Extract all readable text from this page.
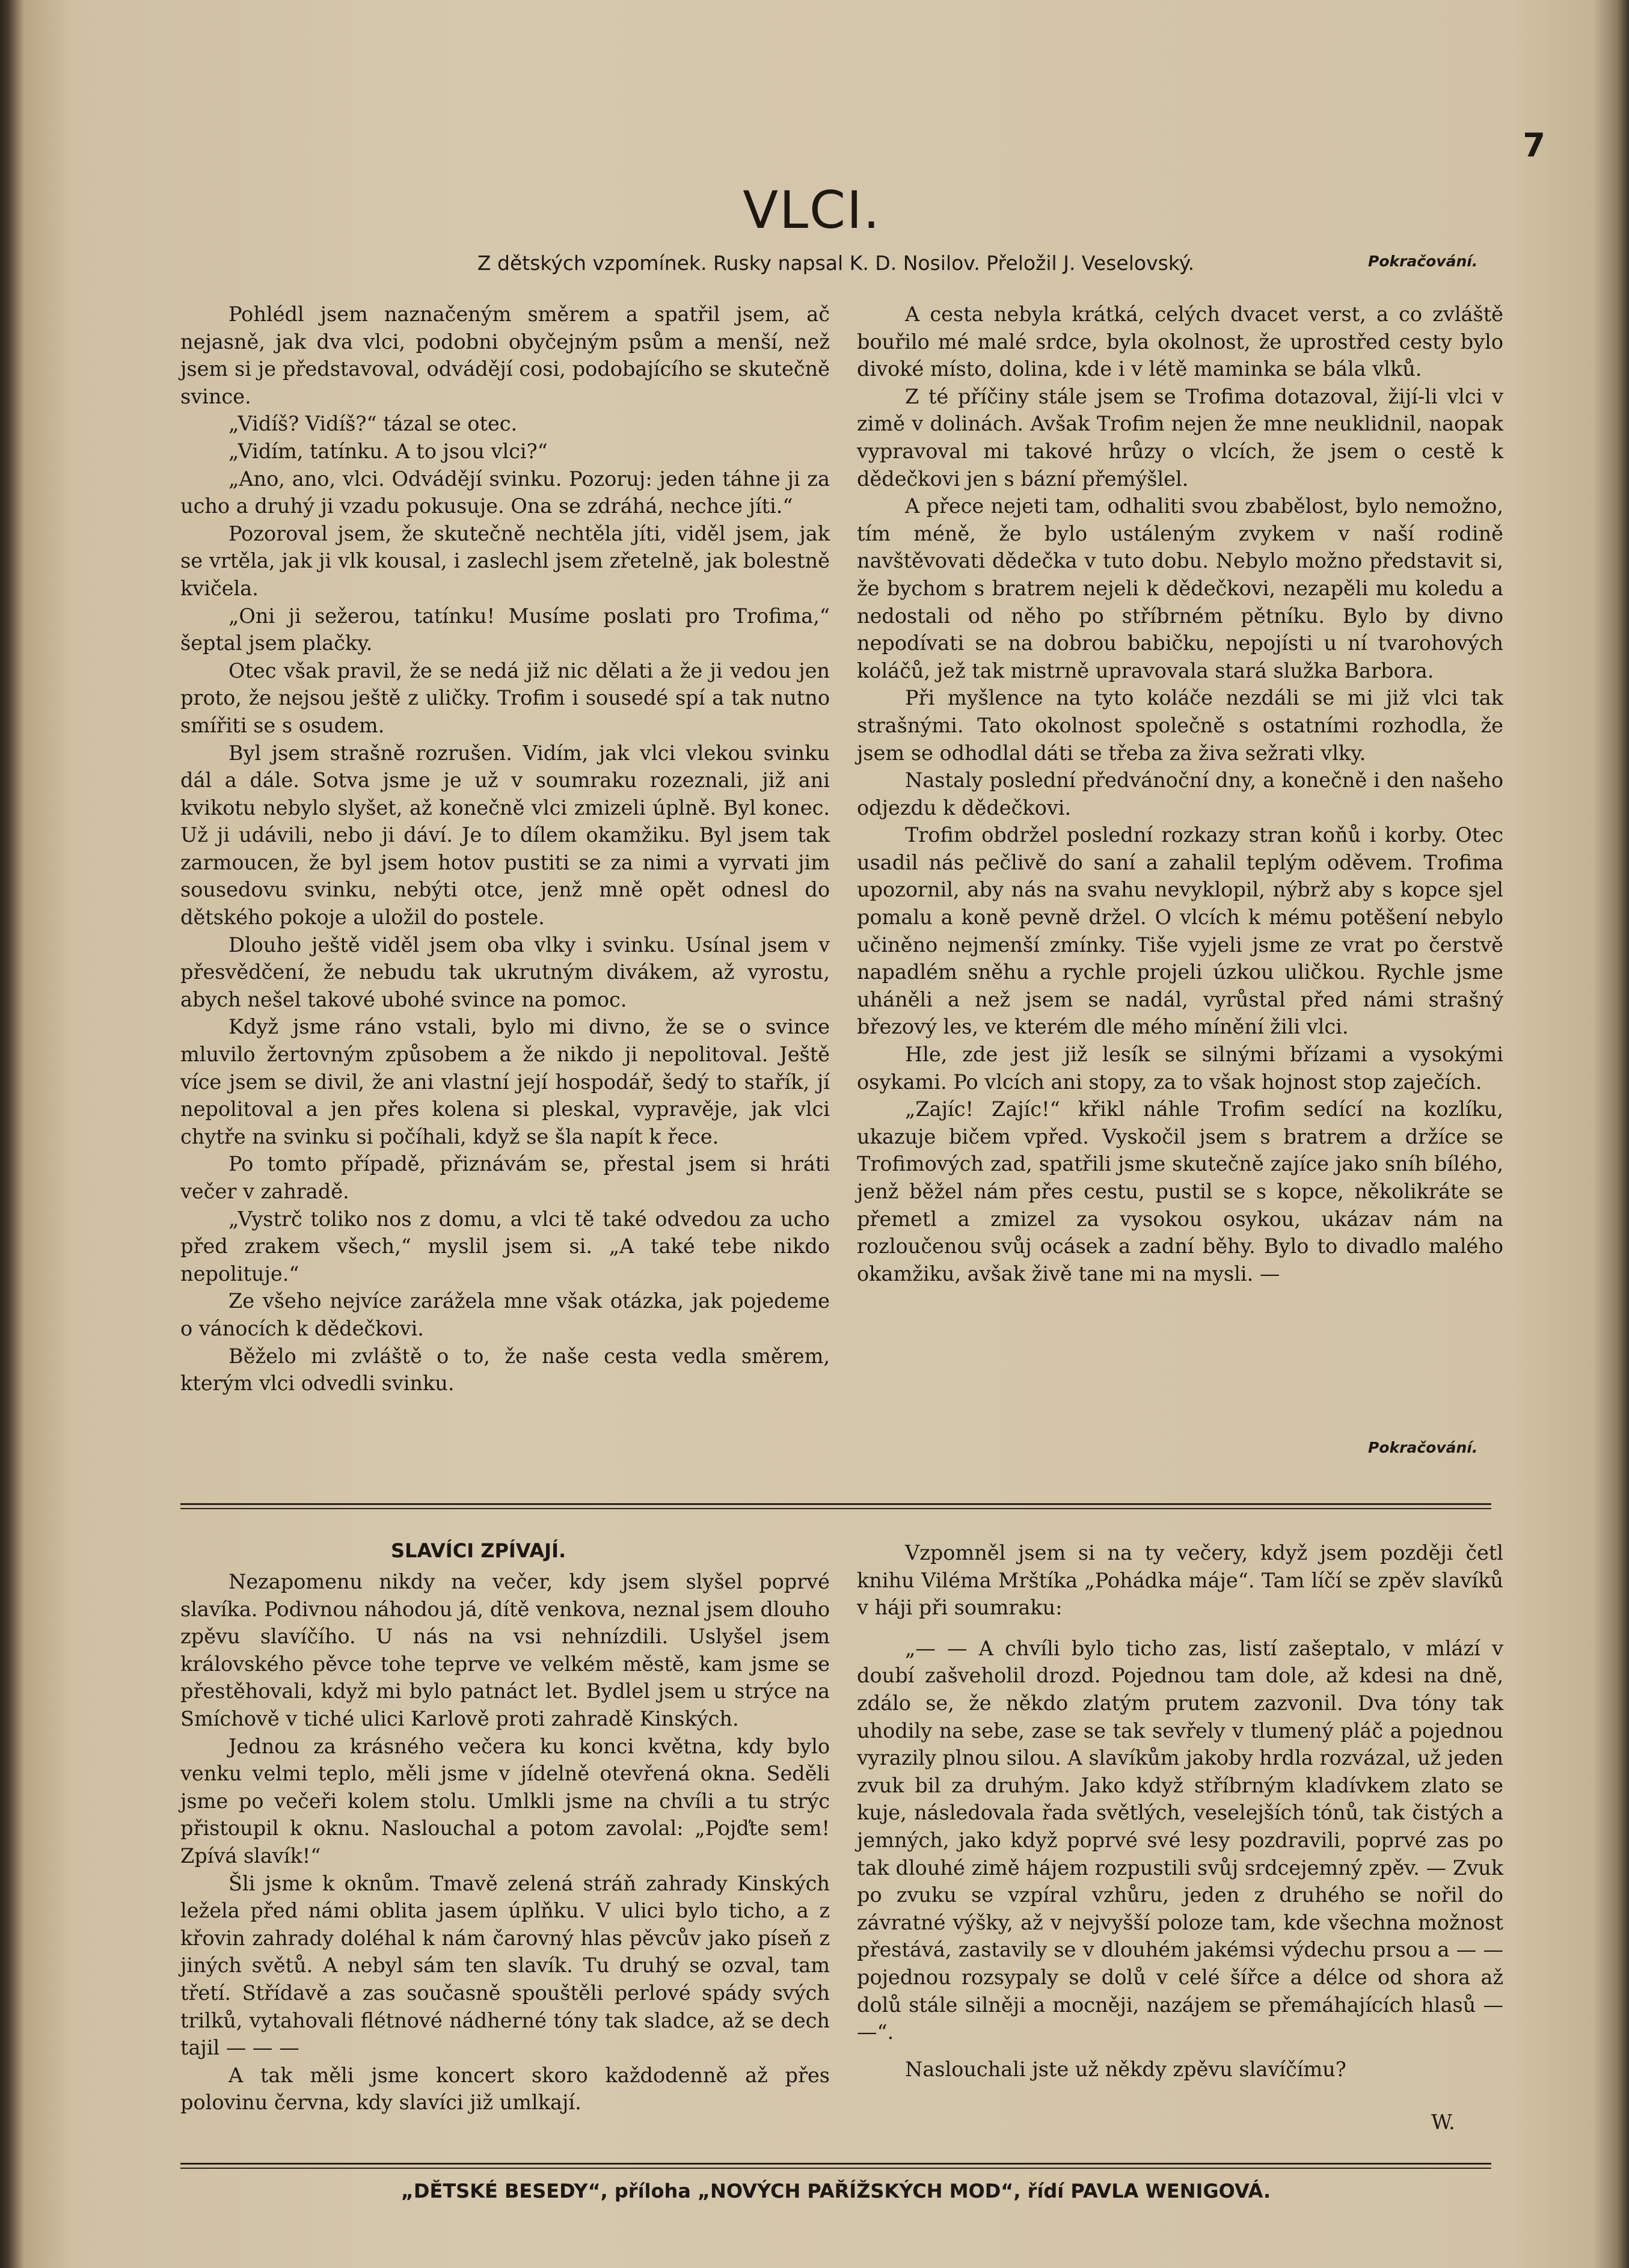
7
VLCI.
Z dětských vzpomínek. Rusky napsal K. D. Nosilov. Přeložil J. Veselovský.	Pokračování.

Pohlédl jsem naznačeným směrem a spatřil jsem, ač nejasně, jak dva vlci, podobni obyčejným psům a menší, než jsem si je představoval, odvádějí cosi, podobajícího se skutečně svince.

„Vidíš? Vidíš?“ tázal se otec.

„Vidím, tatínku. A to jsou vlci?“

„Ano, ano, vlci. Odvádějí svinku. Pozoruj: jeden táhne ji za ucho a druhý ji vzadu pokusuje. Ona se zdráhá, nechce jíti.“

Pozoroval jsem, že skutečně nechtěla jíti, viděl jsem, jak se vrtěla, jak ji vlk kousal, i zaslechl jsem zřetelně, jak bolestně kvičela.

„Oni ji sežerou, tatínku! Musíme poslati pro Trofima,“ šeptal jsem plačky.

Otec však pravil, že se nedá již nic dělati a že ji vedou jen proto, že nejsou ještě z uličky. Trofim i sousedé spí a tak nutno smířiti se s osudem.

Byl jsem strašně rozrušen. Vidím, jak vlci vlekou svinku dál a dále. Sotva jsme je už v soumraku rozeznali, již ani kvikotu nebylo slyšet, až konečně vlci zmizeli úplně. Byl konec. Už ji udávili, nebo ji dáví. Je to dílem okamžiku. Byl jsem tak zarmoucen, že byl jsem hotov pustiti se za nimi a vyrvati jim sousedovu svinku, nebýti otce, jenž mně opět odnesl do dětského pokoje a uložil do postele.

Dlouho ještě viděl jsem oba vlky i svinku. Usínal jsem v přesvědčení, že nebudu tak ukrutným divákem, až vyrostu, abych nešel takové ubohé svince na pomoc.

Když jsme ráno vstali, bylo mi divno, že se o svince mluvilo žertovným způsobem a že nikdo ji nepolitoval. Ještě více jsem se divil, že ani vlastní její hospodář, šedý to stařík, jí nepolitoval a jen přes kolena si pleskal, vypravěje, jak vlci chytře na svinku si počíhali, když se šla napít k řece.

Po tomto případě, přiznávám se, přestal jsem si hráti večer v zahradě.

„Vystrč toliko nos z domu, a vlci tě také odvedou za ucho před zrakem všech,“ myslil jsem si. „A také tebe nikdo nepolituje.“

Ze všeho nejvíce zarážela mne však otázka, jak pojedeme o vánocích k dědečkovi.

Běželo mi zvláště o to, že naše cesta vedla směrem, kterým vlci odvedli svinku.

A cesta nebyla krátká, celých dvacet verst, a co zvláště bouřilo mé malé srdce, byla okolnost, že uprostřed cesty bylo divoké místo, dolina, kde i v létě maminka se bála vlků.

Z té příčiny stále jsem se Trofima dotazoval, žijí-li vlci v zimě v dolinách. Avšak Trofim nejen že mne neuklidnil, naopak vypravoval mi takové hrůzy o vlcích, že jsem o cestě k dědečkovi jen s bázní přemýšlel.

A přece nejeti tam, odhaliti svou zbabělost, bylo nemožno, tím méně, že bylo ustáleným zvykem v naší rodině navštěvovati dědečka v tuto dobu. Nebylo možno představit si, že bychom s bratrem nejeli k dědečkovi, nezapěli mu koledu a nedostali od něho po stříbrném pětníku. Bylo by divno nepodívati se na dobrou babičku, nepojísti u ní tvarohových koláčů, jež tak mistrně upravovala stará služka Barbora.

Při myšlence na tyto koláče nezdáli se mi již vlci tak strašnými. Tato okolnost společně s ostatními rozhodla, že jsem se odhodlal dáti se třeba za živa sežrati vlky.

Nastaly poslední předvánoční dny, a konečně i den našeho odjezdu k dědečkovi.

Trofim obdržel poslední rozkazy stran koňů i korby. Otec usadil nás pečlivě do saní a zahalil teplým oděvem. Trofima upozornil, aby nás na svahu nevyklopil, nýbrž aby s kopce sjel pomalu a koně pevně držel. O vlcích k mému potěšení nebylo učiněno nejmenší zmínky. Tiše vyjeli jsme ze vrat po čerstvě napadlém sněhu a rychle projeli úzkou uličkou. Rychle jsme uháněli a než jsem se nadál, vyrůstal před námi strašný březový les, ve kterém dle mého mínění žili vlci.

Hle, zde jest již lesík se silnými břízami a vysokými osykami. Po vlcích ani stopy, za to však hojnost stop zaječích.

„Zajíc! Zajíc!“ křikl náhle Trofim sedící na kozlíku, ukazuje bičem vpřed. Vyskočil jsem s bratrem a držíce se Trofimových zad, spatřili jsme skutečně zajíce jako sníh bílého, jenž běžel nám přes cestu, pustil se s kopce, několikráte se přemetl a zmizel za vysokou osykou, ukázav nám na rozloučenou svůj ocásek a zadní běhy. Bylo to divadlo malého okamžiku, avšak živě tane mi na mysli. —

Pokračování.
SLAVÍCI ZPÍVAJÍ.

Nezapomenu nikdy na večer, kdy jsem slyšel poprvé slavíka. Podivnou náhodou já, dítě venkova, neznal jsem dlouho zpěvu slavíčího. U nás na vsi nehnízdili. Uslyšel jsem královského pěvce tohe teprve ve velkém městě, kam jsme se přestěhovali, když mi bylo patnáct let. Bydlel jsem u strýce na Smíchově v tiché ulici Karlově proti zahradě Kinských.

Jednou za krásného večera ku konci května, kdy bylo venku velmi teplo, měli jsme v jídelně otevřená okna. Seděli jsme po večeři kolem stolu. Umlkli jsme na chvíli a tu strýc přistoupil k oknu. Naslouchal a potom zavolal: „Pojďte sem! Zpívá slavík!“

Šli jsme k oknům. Tmavě zelená stráň zahrady Kinských ležela před námi oblita jasem úplňku. V ulici bylo ticho, a z křovin zahrady doléhal k nám čarovný hlas pěvcův jako píseň z jiných světů. A nebyl sám ten slavík. Tu druhý se ozval, tam třetí. Střídavě a zas současně spouštěli perlové spády svých trilků, vytahovali flétnové nádherné tóny tak sladce, až se dech tajil — — —

A tak měli jsme koncert skoro každodenně až přes polovinu června, kdy slavíci již umlkají.

Vzpomněl jsem si na ty večery, když jsem později četl knihu Viléma Mrštíka „Pohádka máje“. Tam líčí se zpěv slavíků v háji při soumraku:

„— — A chvíli bylo ticho zas, listí zašeptalo, v mlází v doubí zašveholil drozd. Pojednou tam dole, až kdesi na dně, zdálo se, že někdo zlatým prutem zazvonil. Dva tóny tak uhodily na sebe, zase se tak sevřely v tlumený pláč a pojednou vyrazily plnou silou. A slavíkům jakoby hrdla rozvázal, už jeden zvuk bil za druhým. Jako když stříbrným kladívkem zlato se kuje, následovala řada světlých, veselejších tónů, tak čistých a jemných, jako když poprvé své lesy pozdravili, poprvé zas po tak dlouhé zimě hájem rozpustili svůj srdcejemný zpěv. — Zvuk po zvuku se vzpíral vzhůru, jeden z druhého se nořil do závratné výšky, až v nejvyšší poloze tam, kde všechna možnost přestává, zastavily se v dlouhém jakémsi výdechu prsou a — —pojednou rozsypaly se dolů v celé šířce a délce od shora až dolů stále silněji a mocněji, nazájem se přemáhajících hlasů — —“.

Naslouchali jste už někdy zpěvu slavíčímu?

W.
„DĚTSKÉ BESEDY“, příloha „NOVÝCH PAŘÍŽSKÝCH MOD“, řídí PAVLA WENIGOVÁ.
